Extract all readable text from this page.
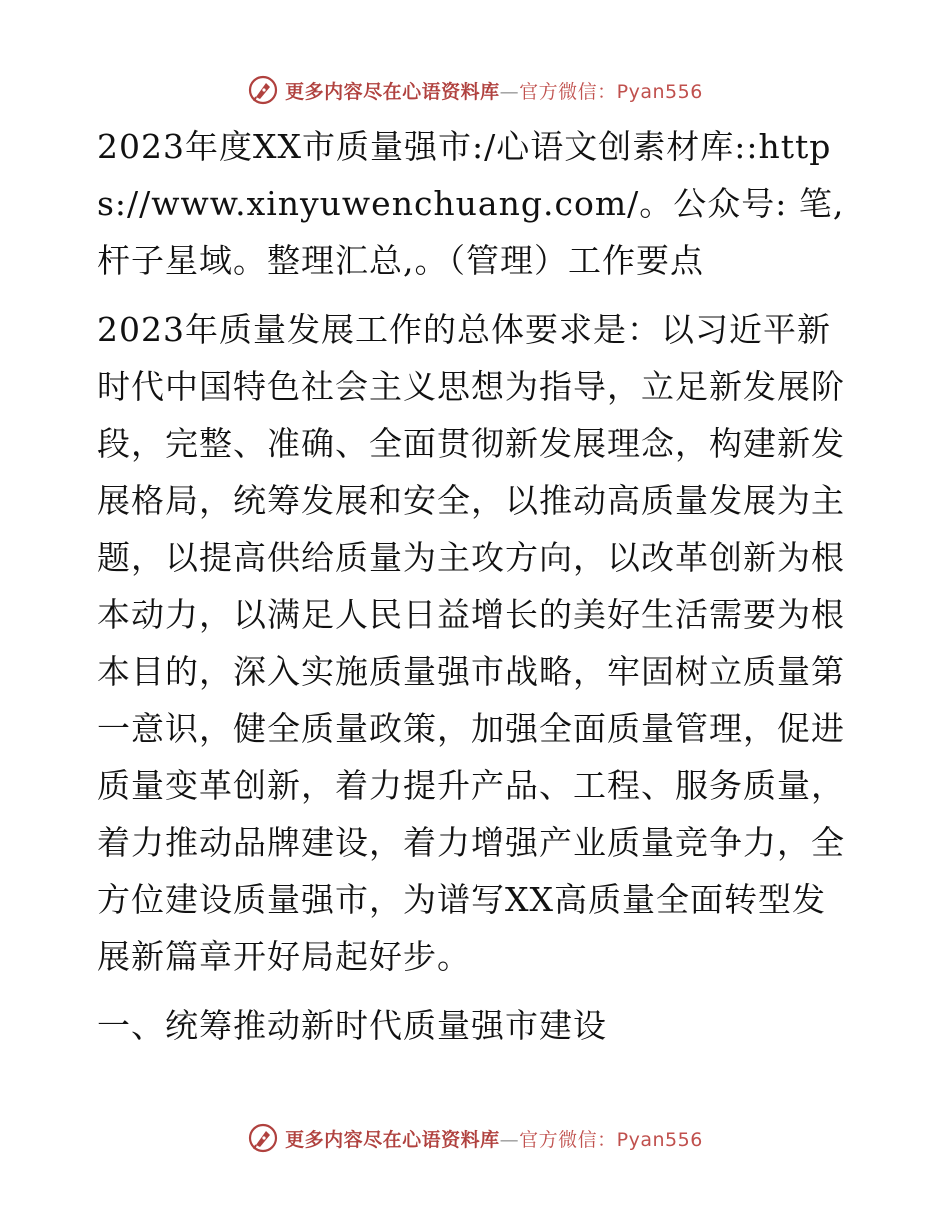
更多内容尽在心语资料库—官方微信：Pyan556

2023年度XX市质量强市:/心语文创素材库::https://www.xinyuwenchuang.com/。公众号: 笔,杆子星域。整理汇总,。（管理）工作要点

2023年质量发展工作的总体要求是：以习近平新时代中国特色社会主义思想为指导，立足新发展阶段，完整、准确、全面贯彻新发展理念，构建新发展格局，统筹发展和安全，以推动高质量发展为主题，以提高供给质量为主攻方向，以改革创新为根本动力，以满足人民日益增长的美好生活需要为根本目的，深入实施质量强市战略，牢固树立质量第一意识，健全质量政策，加强全面质量管理，促进质量变革创新，着力提升产品、工程、服务质量，着力推动品牌建设，着力增强产业质量竞争力，全方位建设质量强市，为谱写XX高质量全面转型发展新篇章开好局起好步。

一、统筹推动新时代质量强市建设

更多内容尽在心语资料库—官方微信：Pyan556
